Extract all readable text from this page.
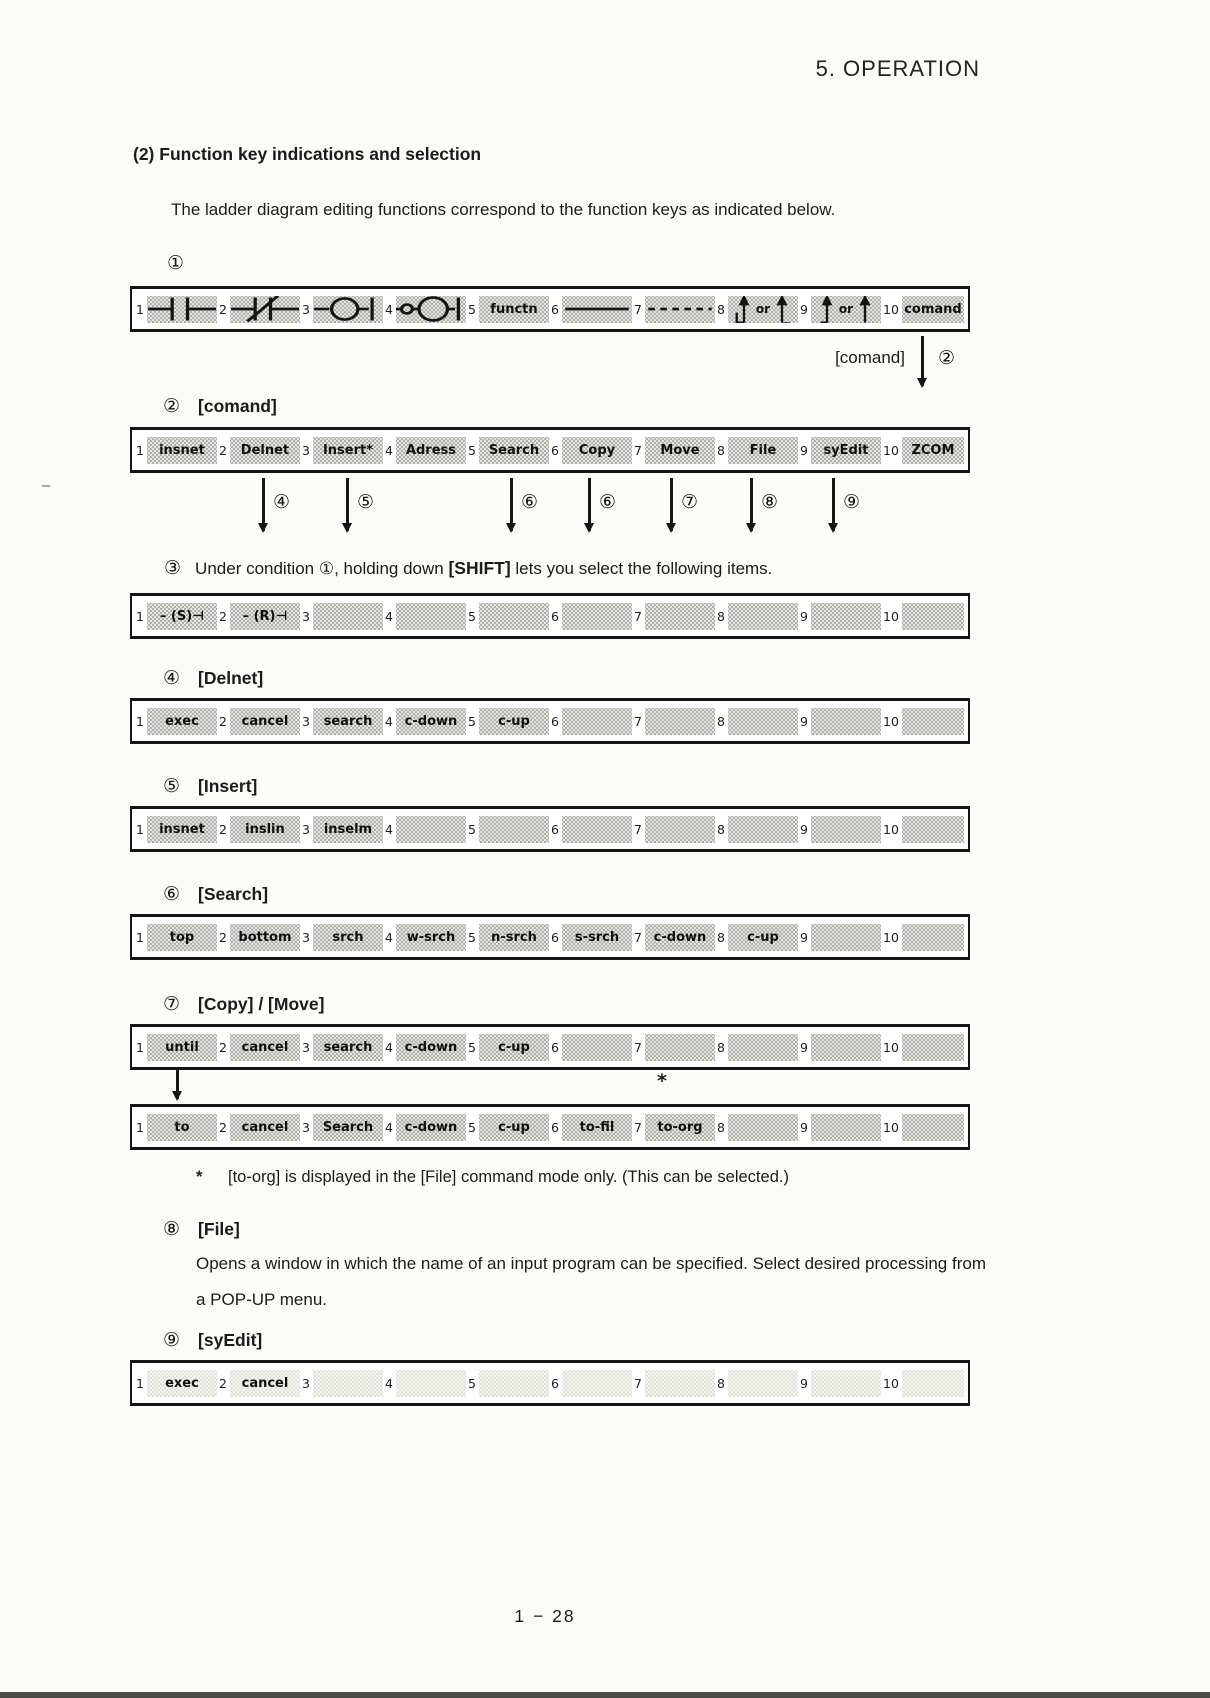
5. OPERATION
(2) Function key indications and selection
The ladder diagram editing functions correspond to the function keys as indicated below.
①
1	2	3	4	5	functn	6	7	8	or 9	or 10 comand
[comand] ②
② [comand]
1	insnet	2	Delnet	3 Insert* 4 Adress 5 Search 6	Copy	7	Move	8	File	9	syEdit	10 ZCOM
④	⑤	⑥	⑥	⑦	⑧	⑨
–
③ Under condition ①, holding down [SHIFT] lets you select the following items.
1	– (S)⊣	2	– (R)⊣	3	4	5	6	7	8	9	10
④ [Delnet]
1	exec	2	cancel	3	search	4 c-down 5	c-up	6	7	8	9	10
⑤ [Insert]
1	insnet	2	inslin	3	inselm	4	5	6	7	8	9	10
⑥ [Search]
1	top	2 bottom 3	srch	4	w-srch	5	n-srch	6	s-srch	7 c-down 8	c-up	9	10
⑦ [Copy] / [Move]
1	until	2	cancel	3	search	4 c-down 5	c-up	6	7	8	9	10
*
1	to	2	cancel	3 Search 4 c-down 5	c-up	6	to-fil	7	to-org	8	9	10
* [to-org] is displayed in the [File] command mode only. (This can be selected.)
⑧ [File]
Opens a window in which the name of an input program can be specified. Select desired processing from a POP-UP menu.
⑨ [syEdit]
1	exec	2	cancel	3	4	5	6	7	8	9	10
1 − 28
